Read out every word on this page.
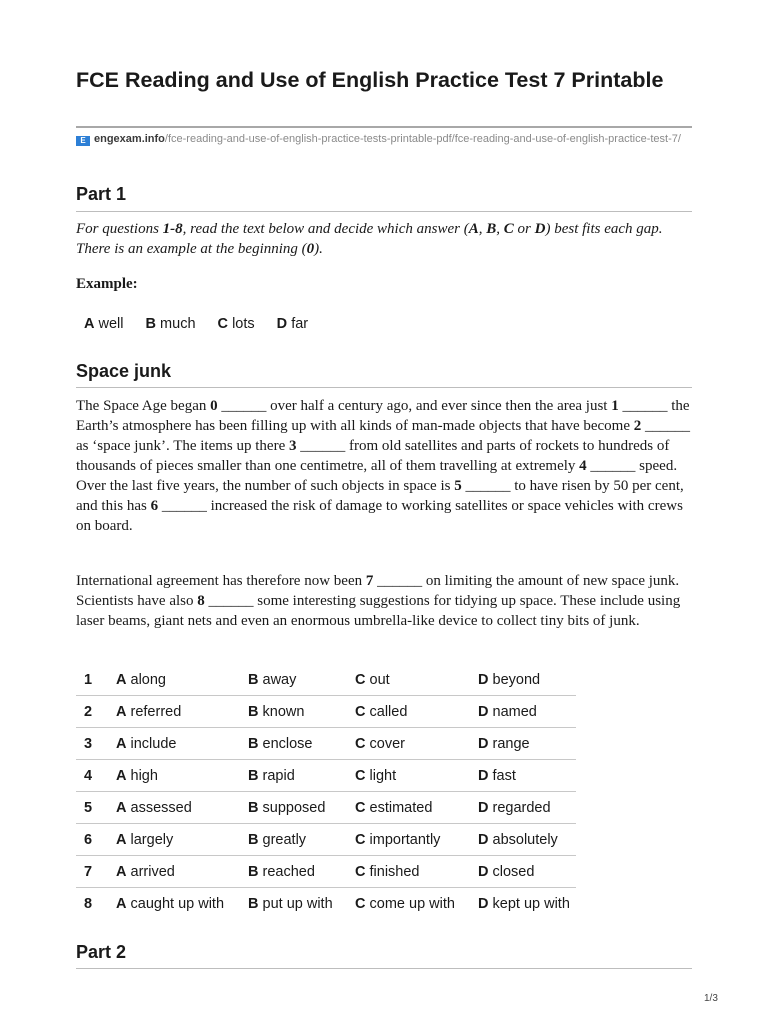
FCE Reading and Use of English Practice Test 7 Printable
E engexam.info/fce-reading-and-use-of-english-practice-tests-printable-pdf/fce-reading-and-use-of-english-practice-test-7/
Part 1
For questions 1-8, read the text below and decide which answer (A, B, C or D) best fits each gap. There is an example at the beginning (0).
Example:
A well B much C lots D far
Space junk
The Space Age began 0 ______ over half a century ago, and ever since then the area just 1 ______ the Earth’s atmosphere has been filling up with all kinds of man-made objects that have become 2 ______ as ‘space junk’. The items up there 3 ______ from old satellites and parts of rockets to hundreds of thousands of pieces smaller than one centimetre, all of them travelling at extremely 4 ______ speed. Over the last five years, the number of such objects in space is 5 ______ to have risen by 50 per cent, and this has 6 ______ increased the risk of damage to working satellites or space vehicles with crews on board.
International agreement has therefore now been 7 ______ on limiting the amount of new space junk. Scientists have also 8 ______ some interesting suggestions for tidying up space. These include using laser beams, giant nets and even an enormous umbrella-like device to collect tiny bits of junk.
1	A along	B away	C out	D beyond
2	A referred	B known	C called	D named
3	A include	B enclose	C cover	D range
4	A high	B rapid	C light	D fast
5	A assessed	B supposed	C estimated	D regarded
6	A largely	B greatly	C importantly	D absolutely
7	A arrived	B reached	C finished	D closed
8	A caught up with	B put up with	C come up with	D kept up with
Part 2
1/3
